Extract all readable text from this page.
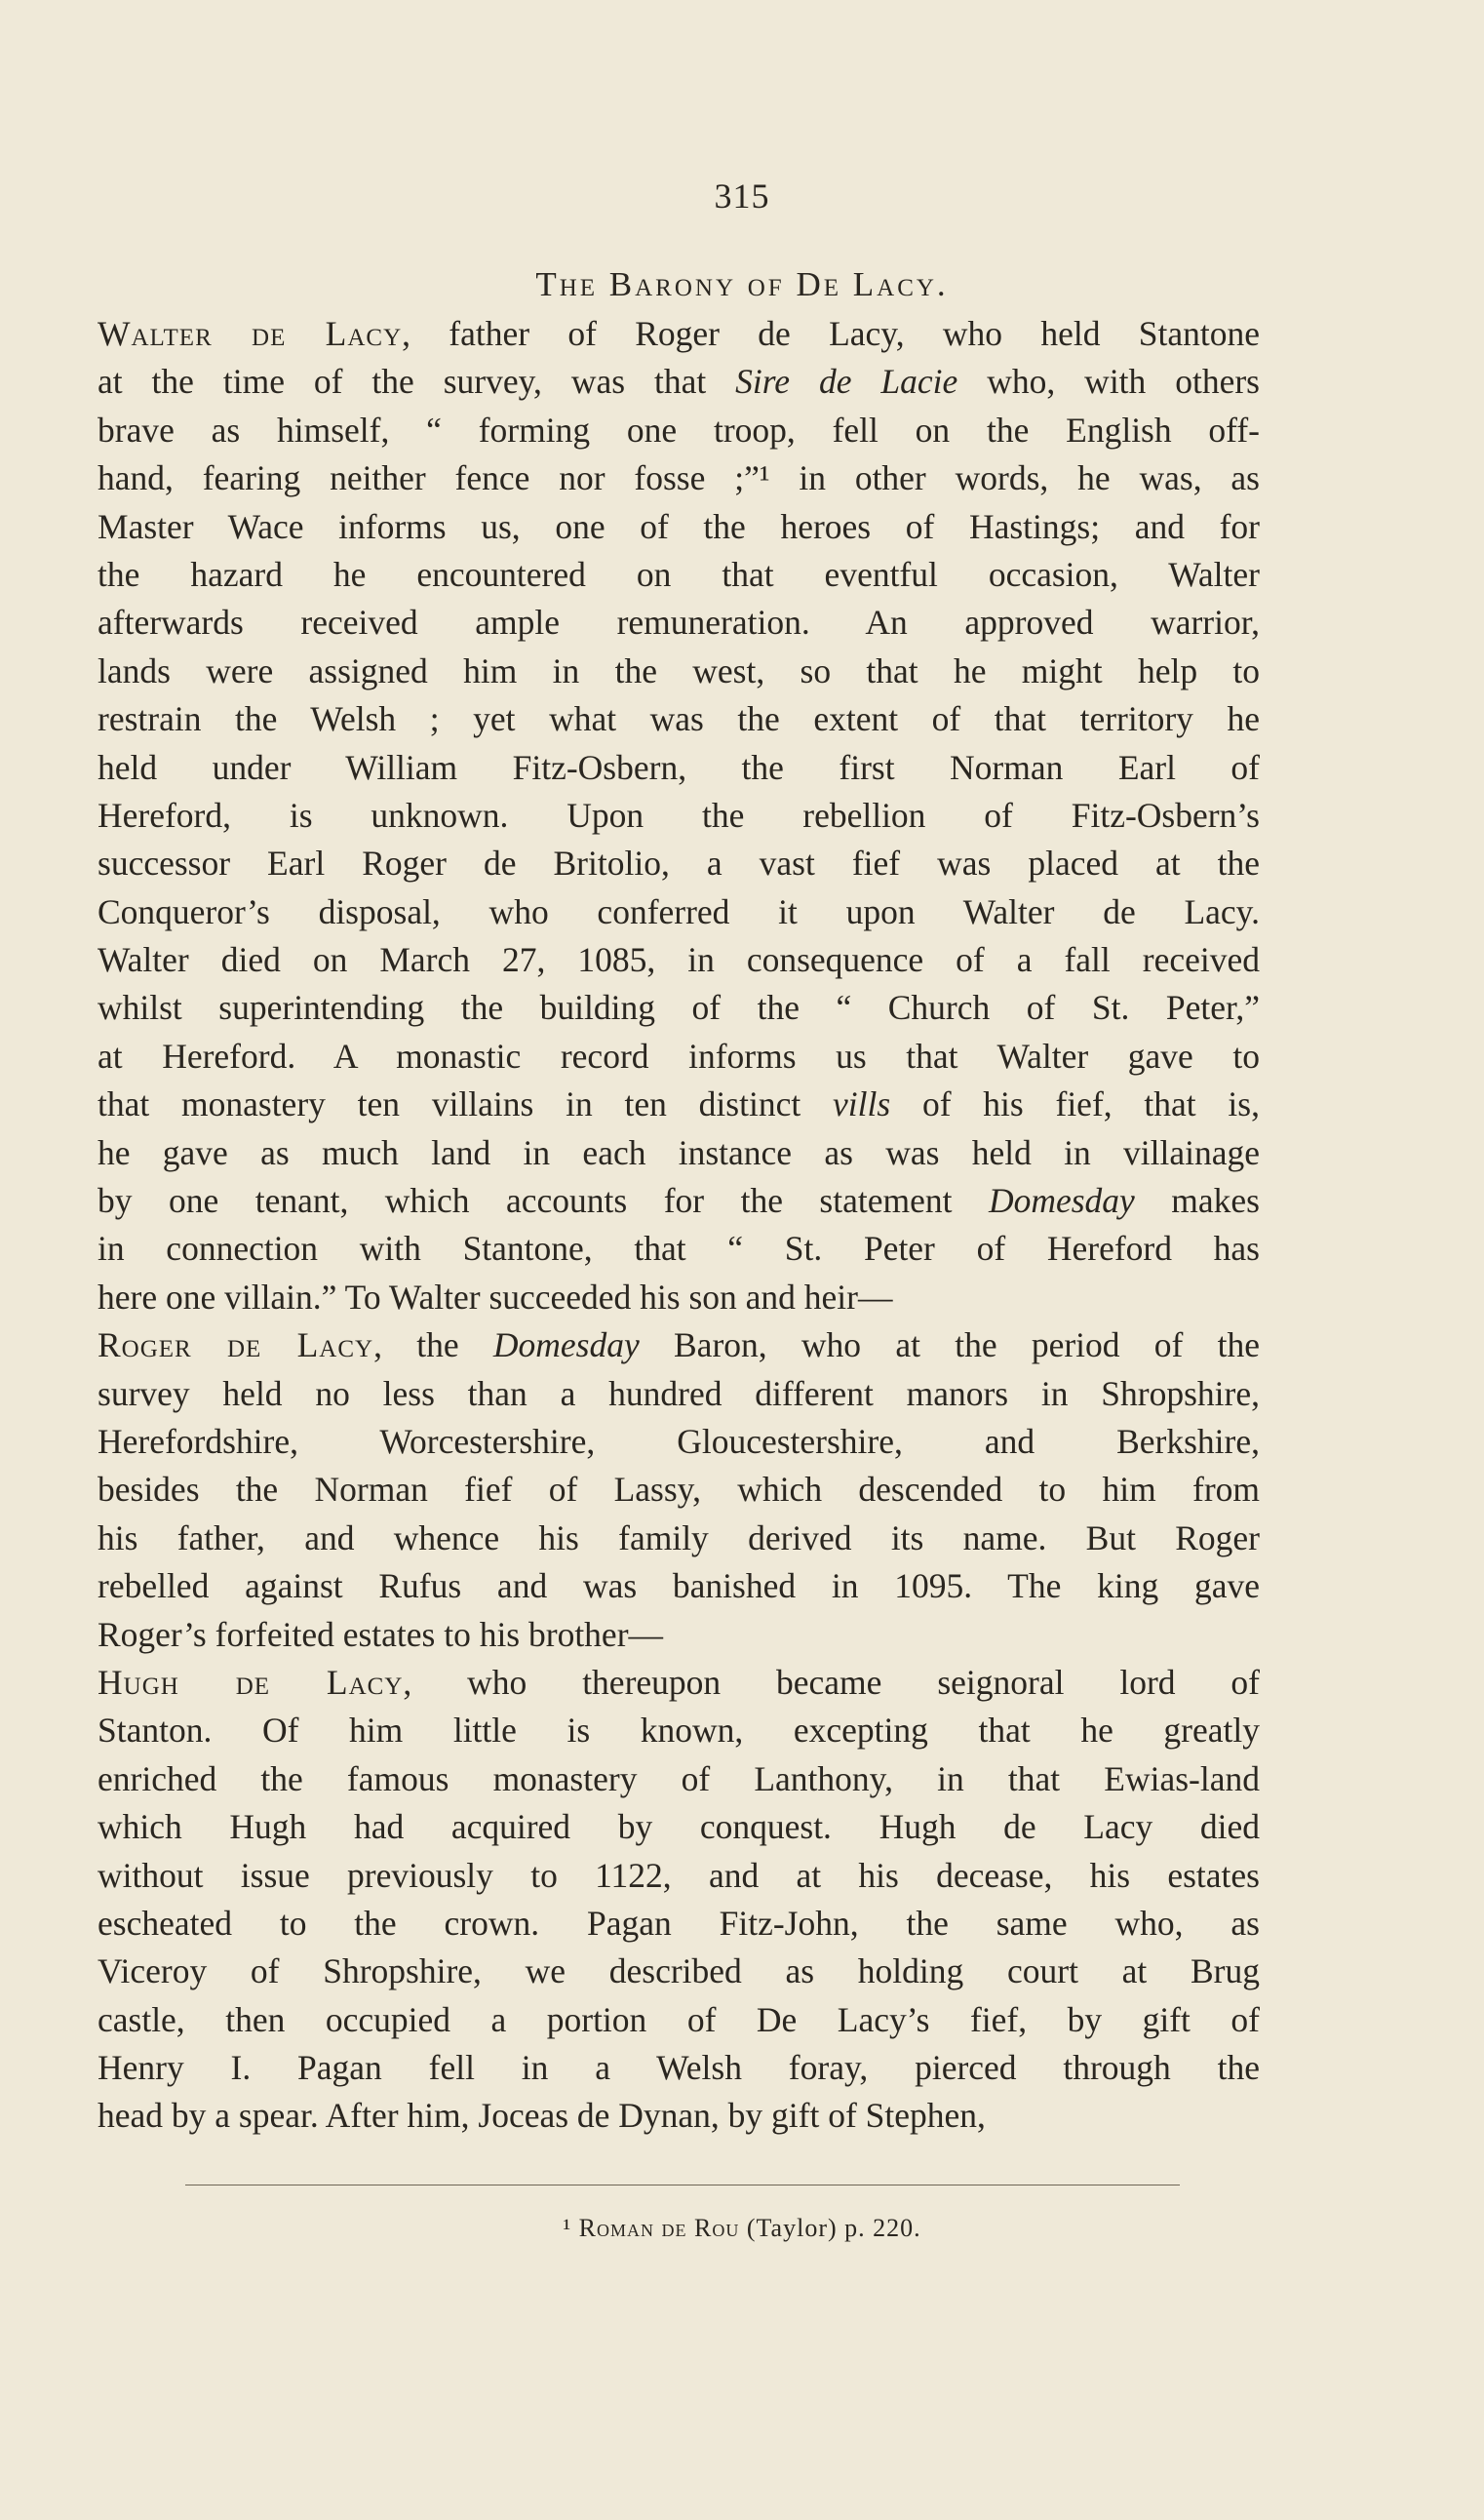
315
The Barony of De Lacy.
Walter de Lacy, father of Roger de Lacy, who held Stantone
at the time of the survey, was that Sire de Lacie who, with others
brave as himself, “ forming one troop, fell on the English off-
hand, fearing neither fence nor fosse ;”¹ in other words, he was, as
Master Wace informs us, one of the heroes of Hastings; and for
the hazard he encountered on that eventful occasion, Walter
afterwards received ample remuneration. An approved warrior,
lands were assigned him in the west, so that he might help to
restrain the Welsh ; yet what was the extent of that territory he
held under William Fitz-Osbern, the first Norman Earl of
Hereford, is unknown. Upon the rebellion of Fitz-Osbern’s
successor Earl Roger de Britolio, a vast fief was placed at the
Conqueror’s disposal, who conferred it upon Walter de Lacy.
Walter died on March 27, 1085, in consequence of a fall received
whilst superintending the building of the “ Church of St. Peter,”
at Hereford. A monastic record informs us that Walter gave to
that monastery ten villains in ten distinct vills of his fief, that is,
he gave as much land in each instance as was held in villainage
by one tenant, which accounts for the statement Domesday makes
in connection with Stantone, that “ St. Peter of Hereford has
here one villain.” To Walter succeeded his son and heir—
Roger de Lacy, the Domesday Baron, who at the period of the
survey held no less than a hundred different manors in Shropshire,
Herefordshire, Worcestershire, Gloucestershire, and Berkshire,
besides the Norman fief of Lassy, which descended to him from
his father, and whence his family derived its name. But Roger
rebelled against Rufus and was banished in 1095. The king gave
Roger’s forfeited estates to his brother—
Hugh de Lacy, who thereupon became seignoral lord of
Stanton. Of him little is known, excepting that he greatly
enriched the famous monastery of Lanthony, in that Ewias-land
which Hugh had acquired by conquest. Hugh de Lacy died
without issue previously to 1122, and at his decease, his estates
escheated to the crown. Pagan Fitz-John, the same who, as
Viceroy of Shropshire, we described as holding court at Brug
castle, then occupied a portion of De Lacy’s fief, by gift of
Henry I. Pagan fell in a Welsh foray, pierced through the
head by a spear. After him, Joceas de Dynan, by gift of Stephen,
¹ Roman de Rou (Taylor) p. 220.
